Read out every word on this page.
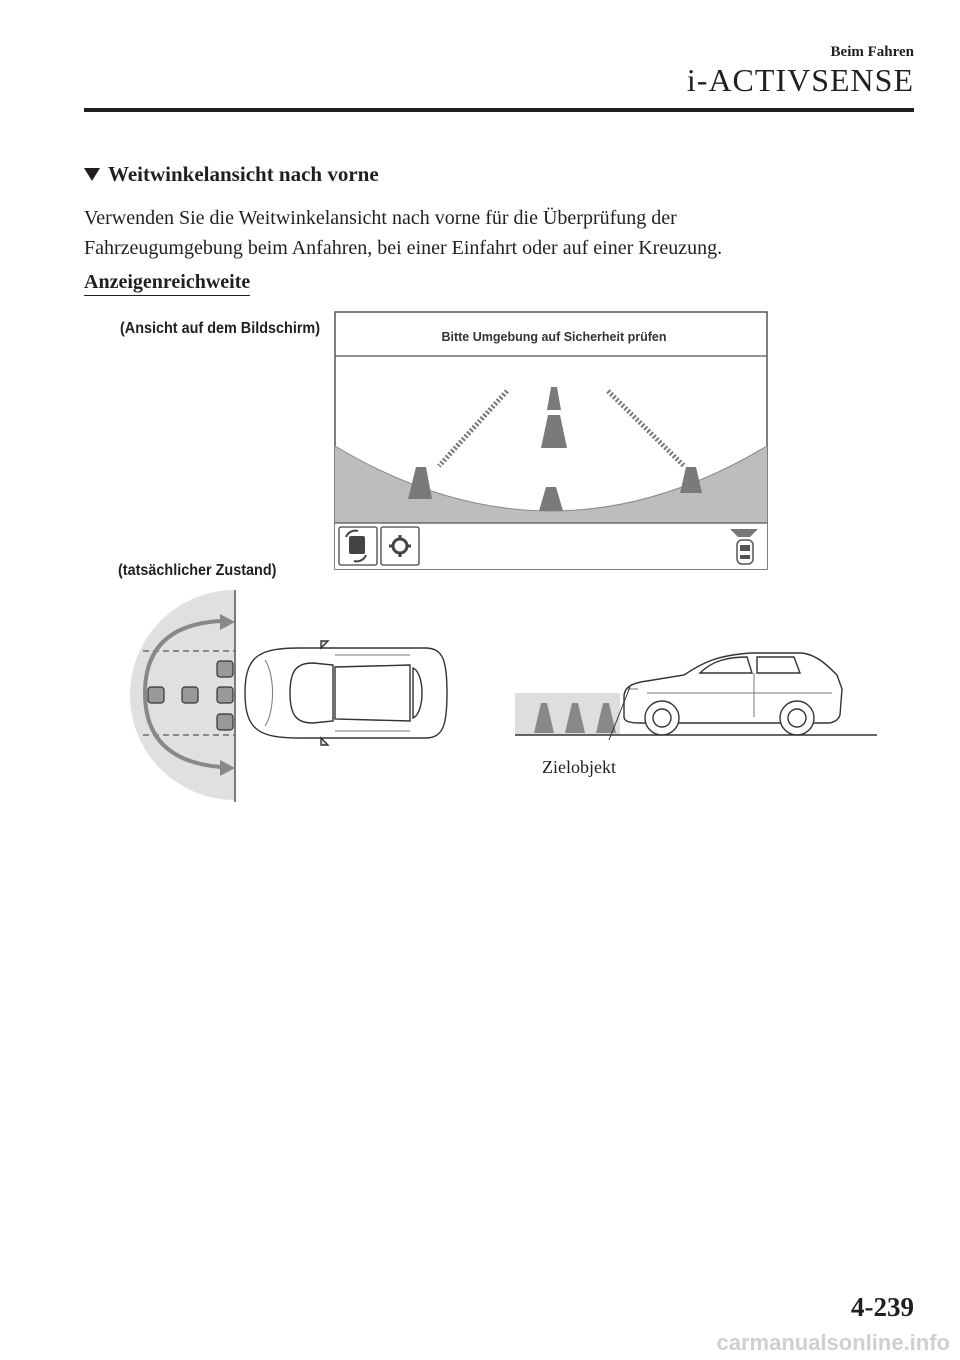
Beim Fahren
i-ACTIVSENSE
Weitwinkelansicht nach vorne

Verwenden Sie die Weitwinkelansicht nach vorne für die Überprüfung der

Fahrzeugumgebung beim Anfahren, bei einer Einfahrt oder auf einer Kreuzung.

Anzeigenreichweite
(Ansicht auf dem Bildschirm)	Bitte Umgebung auf Sicherheit prüfen
(tatsächlicher Zustand)
Zielobjekt
4-239
carmanualsonline.info
